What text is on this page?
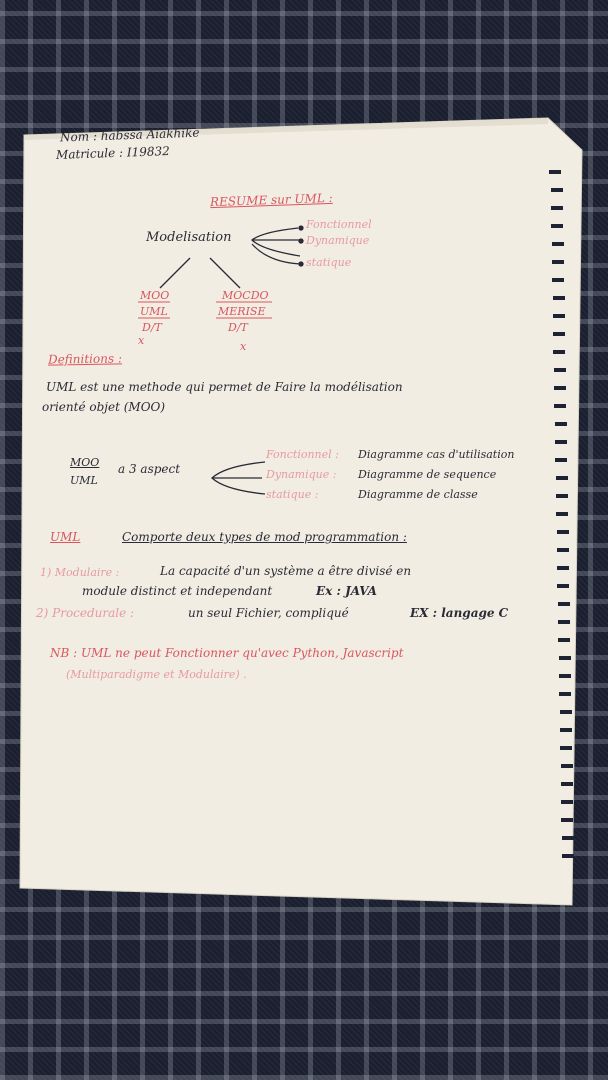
Nom : habssa Aiakhike
Matricule : I19832
RESUME sur UML :
Modelisation
Fonctionnel
Dynamique
statique
MOO
UML
D/T
x
MOCDO
MERISE
D/T
x
Definitions :
UML est une methode qui permet de Faire la modélisation
orienté objet (MOO)
MOO
UML
a 3 aspect
Fonctionnel : Diagramme cas d'utilisation
Dynamique : Diagramme de sequence
statique :	Diagramme de classe
UML	Comporte deux types de mod programmation :
1) Modulaire :	La capacité d'un système a être divisé en
module distinct et independant	Ex : JAVA
2) Procedurale :	un seul Fichier, compliqué	EX : langage C
NB : UML ne peut Fonctionner qu'avec Python, Javascript
(Multiparadigme et Modulaire) .
